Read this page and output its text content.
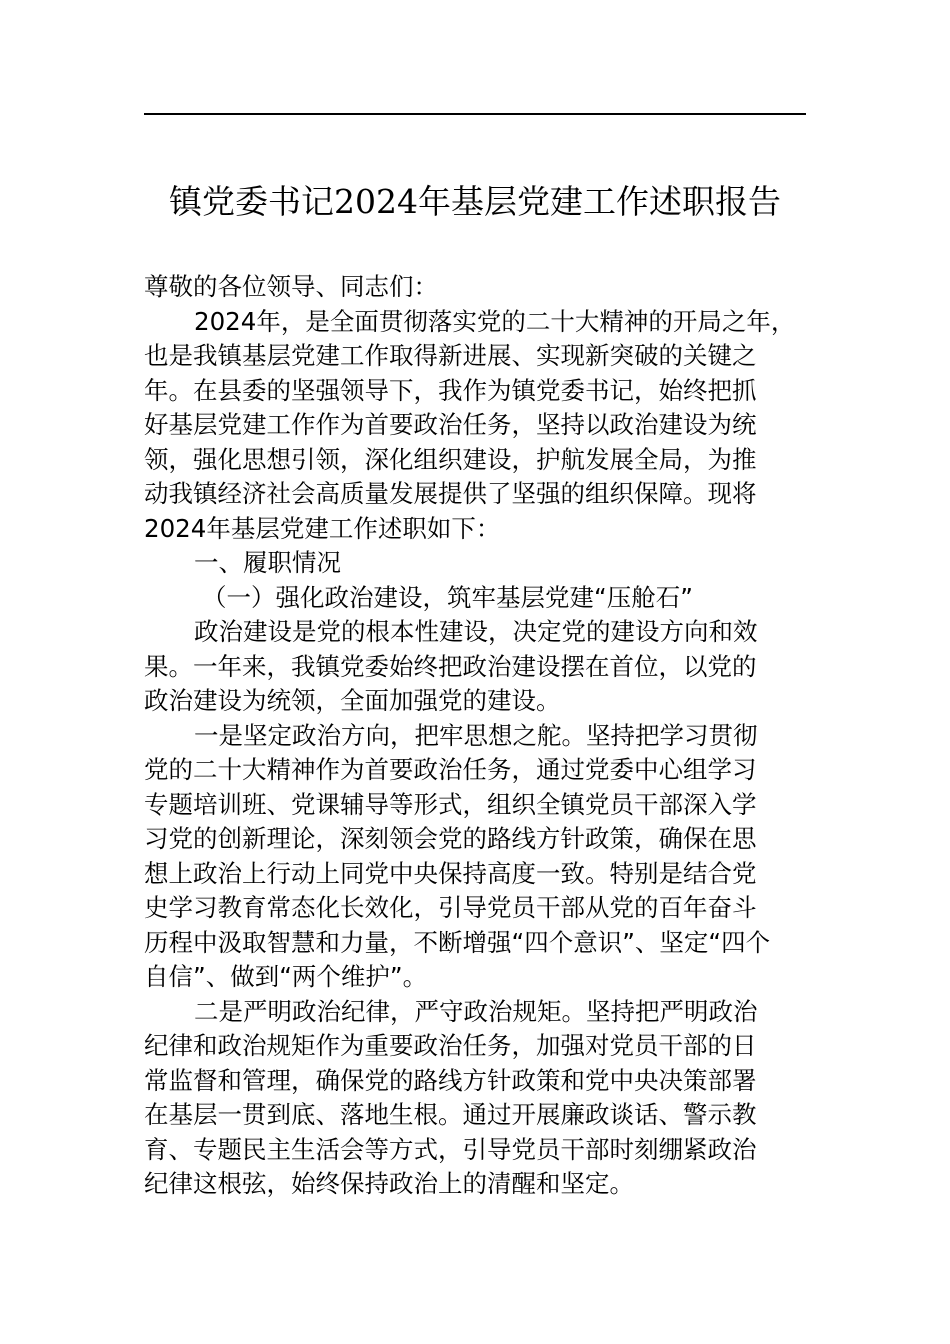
镇党委书记2024年基层党建工作述职报告
尊敬的各位领导、同志们：
2024年，是全面贯彻落实党的二十大精神的开局之年，
也是我镇基层党建工作取得新进展、实现新突破的关键之
年。在县委的坚强领导下，我作为镇党委书记，始终把抓
好基层党建工作作为首要政治任务，坚持以政治建设为统
领，强化思想引领，深化组织建设，护航发展全局，为推
动我镇经济社会高质量发展提供了坚强的组织保障。现将
2024年基层党建工作述职如下：
一、履职情况
（一）强化政治建设，筑牢基层党建“压舱石”
政治建设是党的根本性建设，决定党的建设方向和效
果。一年来，我镇党委始终把政治建设摆在首位，以党的
政治建设为统领，全面加强党的建设。
一是坚定政治方向，把牢思想之舵。坚持把学习贯彻
党的二十大精神作为首要政治任务，通过党委中心组学习
专题培训班、党课辅导等形式，组织全镇党员干部深入学
习党的创新理论，深刻领会党的路线方针政策，确保在思
想上政治上行动上同党中央保持高度一致。特别是结合党
史学习教育常态化长效化，引导党员干部从党的百年奋斗
历程中汲取智慧和力量，不断增强“四个意识”、坚定“四个
自信”、做到“两个维护”。
二是严明政治纪律，严守政治规矩。坚持把严明政治
纪律和政治规矩作为重要政治任务，加强对党员干部的日
常监督和管理，确保党的路线方针政策和党中央决策部署
在基层一贯到底、落地生根。通过开展廉政谈话、警示教
育、专题民主生活会等方式，引导党员干部时刻绷紧政治
纪律这根弦，始终保持政治上的清醒和坚定。
